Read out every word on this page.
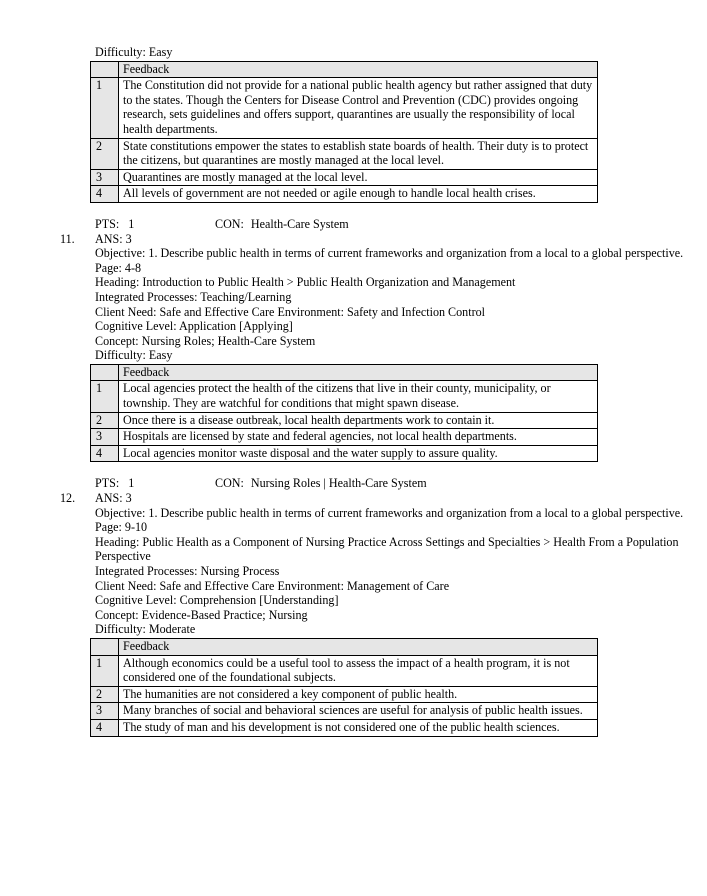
Difficulty: Easy
	Feedback
1	The Constitution did not provide for a national public health agency but rather assigned that duty to the states. Though the Centers for Disease Control and Prevention (CDC) provides ongoing research, sets guidelines and offers support, quarantines are usually the responsibility of local health departments.
2	State constitutions empower the states to establish state boards of health. Their duty is to protect the citizens, but quarantines are mostly managed at the local level.
3	Quarantines are mostly managed at the local level.
4	All levels of government are not needed or agile enough to handle local health crises.
PTS: 1	CON: Health-Care System
11.	ANS: 3
Objective: 1. Describe public health in terms of current frameworks and organization from a local to a global perspective.
Page: 4-8
Heading: Introduction to Public Health > Public Health Organization and Management
Integrated Processes: Teaching/Learning
Client Need: Safe and Effective Care Environment: Safety and Infection Control
Cognitive Level: Application [Applying]
Concept: Nursing Roles; Health-Care System
Difficulty: Easy
	Feedback
1	Local agencies protect the health of the citizens that live in their county, municipality, or township. They are watchful for conditions that might spawn disease.
2	Once there is a disease outbreak, local health departments work to contain it.
3	Hospitals are licensed by state and federal agencies, not local health departments.
4	Local agencies monitor waste disposal and the water supply to assure quality.
PTS: 1	CON: Nursing Roles | Health-Care System
12.	ANS: 3
Objective: 1. Describe public health in terms of current frameworks and organization from a local to a global perspective.
Page: 9-10
Heading: Public Health as a Component of Nursing Practice Across Settings and Specialties > Health From a Population Perspective
Integrated Processes: Nursing Process
Client Need: Safe and Effective Care Environment: Management of Care
Cognitive Level: Comprehension [Understanding]
Concept: Evidence-Based Practice; Nursing
Difficulty: Moderate
	Feedback
1	Although economics could be a useful tool to assess the impact of a health program, it is not considered one of the foundational subjects.
2	The humanities are not considered a key component of public health.
3	Many branches of social and behavioral sciences are useful for analysis of public health issues.
4	The study of man and his development is not considered one of the public health sciences.
